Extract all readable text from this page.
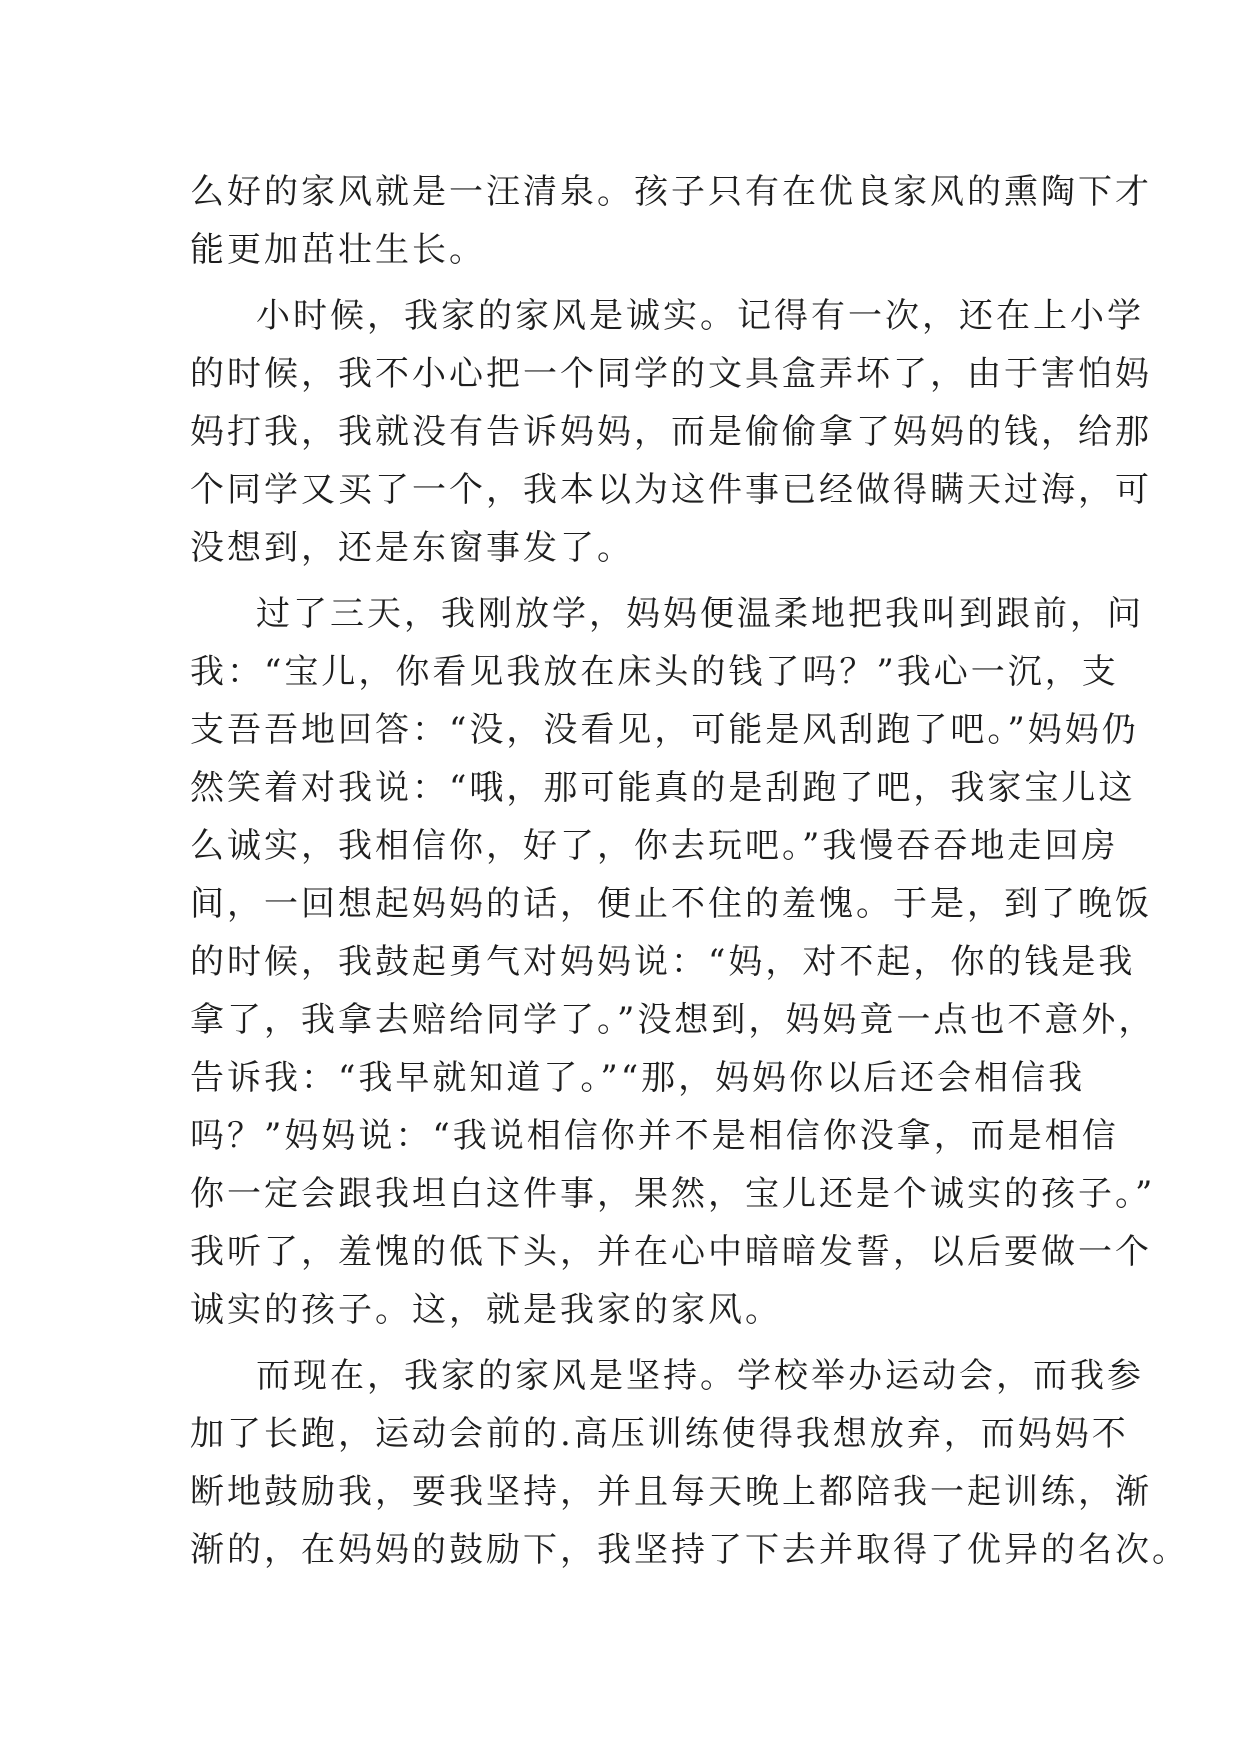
么好的家风就是一汪清泉。孩子只有在优良家风的熏陶下才
能更加茁壮生长。
小时候，我家的家风是诚实。记得有一次，还在上小学
的时候，我不小心把一个同学的文具盒弄坏了，由于害怕妈
妈打我，我就没有告诉妈妈，而是偷偷拿了妈妈的钱，给那
个同学又买了一个，我本以为这件事已经做得瞒天过海，可
没想到，还是东窗事发了。
过了三天，我刚放学，妈妈便温柔地把我叫到跟前，问
我：“宝儿，你看见我放在床头的钱了吗？”我心一沉，支
支吾吾地回答：“没，没看见，可能是风刮跑了吧。”妈妈仍
然笑着对我说：“哦，那可能真的是刮跑了吧，我家宝儿这
么诚实，我相信你，好了，你去玩吧。”我慢吞吞地走回房
间，一回想起妈妈的话，便止不住的羞愧。于是，到了晚饭
的时候，我鼓起勇气对妈妈说：“妈，对不起，你的钱是我
拿了，我拿去赔给同学了。”没想到，妈妈竟一点也不意外，
告诉我：“我早就知道了。”“那，妈妈你以后还会相信我
吗？”妈妈说：“我说相信你并不是相信你没拿，而是相信
你一定会跟我坦白这件事，果然，宝儿还是个诚实的孩子。”
我听了，羞愧的低下头，并在心中暗暗发誓，以后要做一个
诚实的孩子。这，就是我家的家风。
而现在，我家的家风是坚持。学校举办运动会，而我参
加了长跑，运动会前的.高压训练使得我想放弃，而妈妈不
断地鼓励我，要我坚持，并且每天晚上都陪我一起训练，渐
渐的，在妈妈的鼓励下，我坚持了下去并取得了优异的名次。
